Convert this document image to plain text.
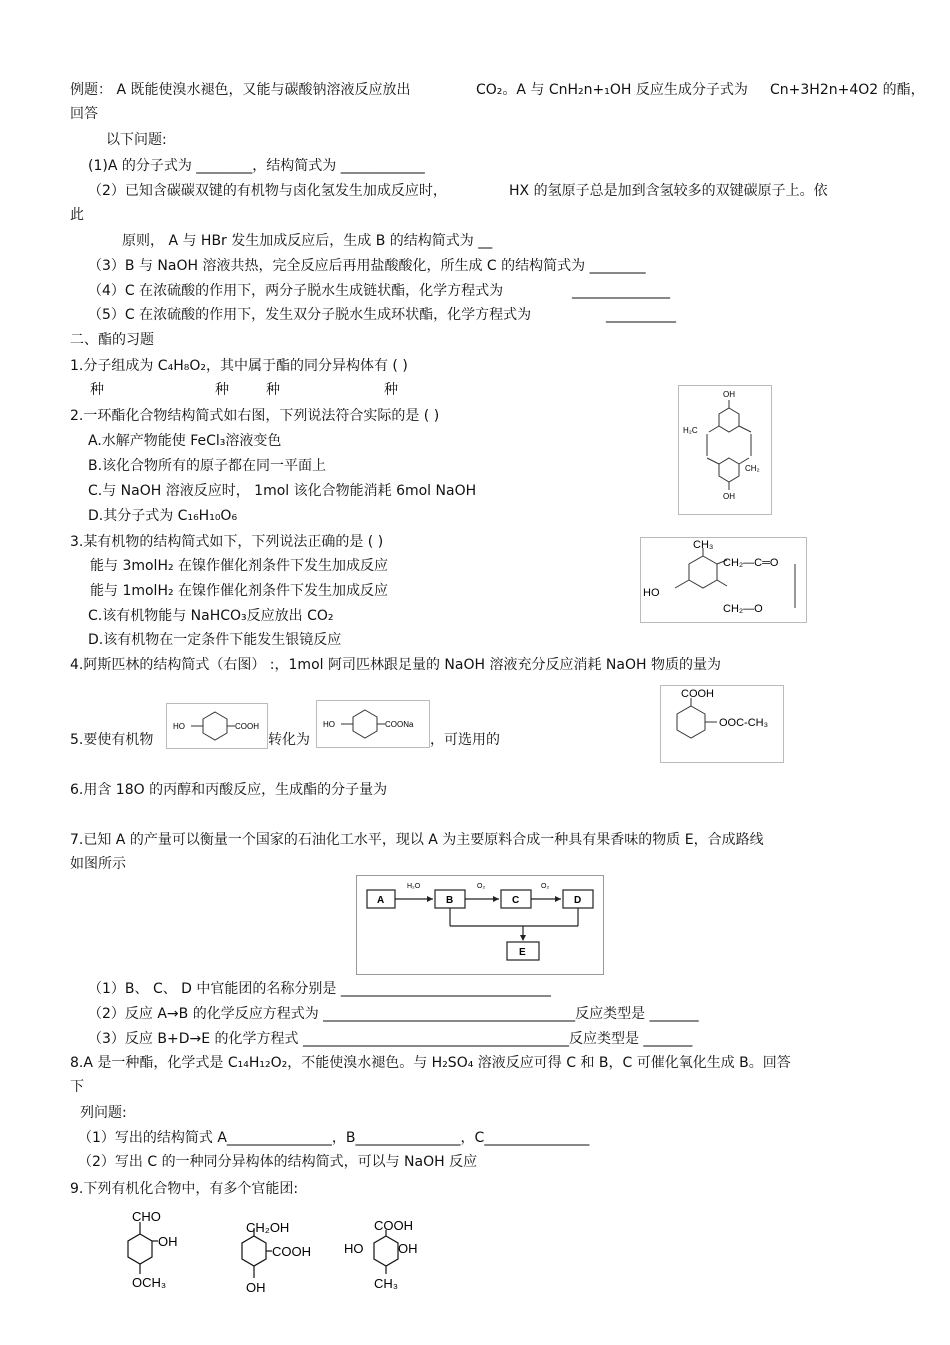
例题： A 既能使溴水褪色，又能与碳酸钠溶液反应放出	CO₂。A 与 CnH₂n+₁OH 反应生成分子式为 Cn+3H2n+4O2 的酯，
回答
以下问题:
(1)A 的分子式为 ________，结构简式为 ____________
（2）已知含碳碳双键的有机物与卤化氢发生加成反应时，	HX 的氢原子总是加到含氢较多的双键碳原子上。依
此
原则， A 与 HBr 发生加成反应后，生成 B 的结构简式为 __
（3）B 与 NaOH 溶液共热，完全反应后再用盐酸酸化，所生成 C 的结构简式为 ________
（4）C 在浓硫酸的作用下，两分子脱水生成链状酯，化学方程式为	______________
（5）C 在浓硫酸的作用下，发生双分子脱水生成环状酯，化学方程式为	__________
二、酯的习题
1.分子组成为 C₄H₈O₂，其中属于酯的同分异构体有 ( )
种	种	种	种
2.一环酯化合物结构简式如右图，下列说法符合实际的是 ( )
A.水解产物能使 FeCl₃溶液变色
B.该化合物所有的原子都在同一平面上
C.与 NaOH 溶液反应时， 1mol 该化合物能消耗 6mol NaOH
D.其分子式为 C₁₆H₁₀O₆
OH
OH
H₂C
CH₂
3.某有机物的结构简式如下，下列说法正确的是 ( )
能与 3molH₂ 在镍作催化剂条件下发生加成反应
能与 1molH₂ 在镍作催化剂条件下发生加成反应
C.该有机物能与 NaHCO₃反应放出 CO₂
D.该有机物在一定条件下能发生银镜反应
CH₃
HO
CH₂—C═O
CH₂—O
4.阿斯匹林的结构简式（右图） :，1mol 阿司匹林跟足量的 NaOH 溶液充分反应消耗 NaOH 物质的量为
COOH
OOC-CH₃
5.要使有机物
HO	COOH
转化为
HO	COONa
，可选用的
6.用含 18O 的丙醇和丙酸反应，生成酯的分子量为
7.已知 A 的产量可以衡量一个国家的石油化工水平，现以 A 为主要原料合成一种具有果香味的物质 E，合成路线
如图所示
A	B	C	D
E
H₂O	O₂	O₂
（1）B、 C、 D 中官能团的名称分别是 ______________________________
（2）反应 A→B 的化学反应方程式为 ____________________________________反应类型是 _______
（3）反应 B+D→E 的化学方程式 ______________________________________反应类型是 _______
8.A 是一种酯，化学式是 C₁₄H₁₂O₂，不能使溴水褪色。与 H₂SO₄ 溶液反应可得 C 和 B，C 可催化氧化生成 B。回答
下
列问题:
（1）写出的结构简式 A_______________，B_______________，C_______________
（2）写出 C 的一种同分异构体的结构简式，可以与 NaOH 反应
9.下列有机化合物中，有多个官能团:
CHO
OH
OCH₃
CH₂OH
COOH
OH
COOH
HO	OH
CH₃
